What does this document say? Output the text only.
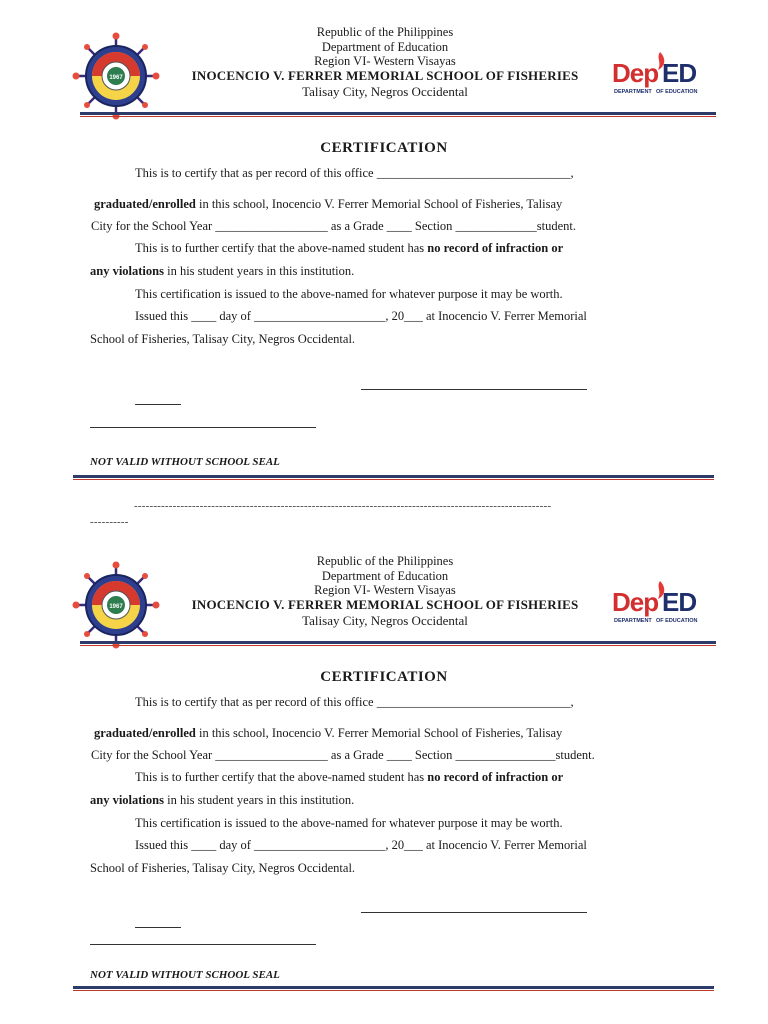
1967
Republic of the Philippines
Department of Education
Region VI- Western Visayas
INOCENCIO V. FERRER MEMORIAL SCHOOL OF FISHERIES
Talisay City, Negros Occidental
Dep ED
DEPARTMENT OF EDUCATION
CERTIFICATION
This is to certify that as per record of this office _______________________________,
graduated/enrolled in this school, Inocencio V. Ferrer Memorial School of Fisheries, Talisay
City for the School Year __________________ as a Grade ____ Section _____________student.
This is to further certify that the above-named student has no record of infraction or
any violations in his student years in this institution.
This certification is issued to the above-named for whatever purpose it may be worth.
Issued this ____ day of _____________________, 20___ at Inocencio V. Ferrer Memorial
School of Fisheries, Talisay City, Negros Occidental.
NOT VALID WITHOUT SCHOOL SEAL
------------------------------------------------------------------------------------------------------------
----------
1967
Republic of the Philippines
Department of Education
Region VI- Western Visayas
INOCENCIO V. FERRER MEMORIAL SCHOOL OF FISHERIES
Talisay City, Negros Occidental
Dep ED
DEPARTMENT OF EDUCATION
CERTIFICATION
This is to certify that as per record of this office _______________________________,
graduated/enrolled in this school, Inocencio V. Ferrer Memorial School of Fisheries, Talisay
City for the School Year __________________ as a Grade ____ Section ________________student.
This is to further certify that the above-named student has no record of infraction or
any violations in his student years in this institution.
This certification is issued to the above-named for whatever purpose it may be worth.
Issued this ____ day of _____________________, 20___ at Inocencio V. Ferrer Memorial
School of Fisheries, Talisay City, Negros Occidental.
NOT VALID WITHOUT SCHOOL SEAL
